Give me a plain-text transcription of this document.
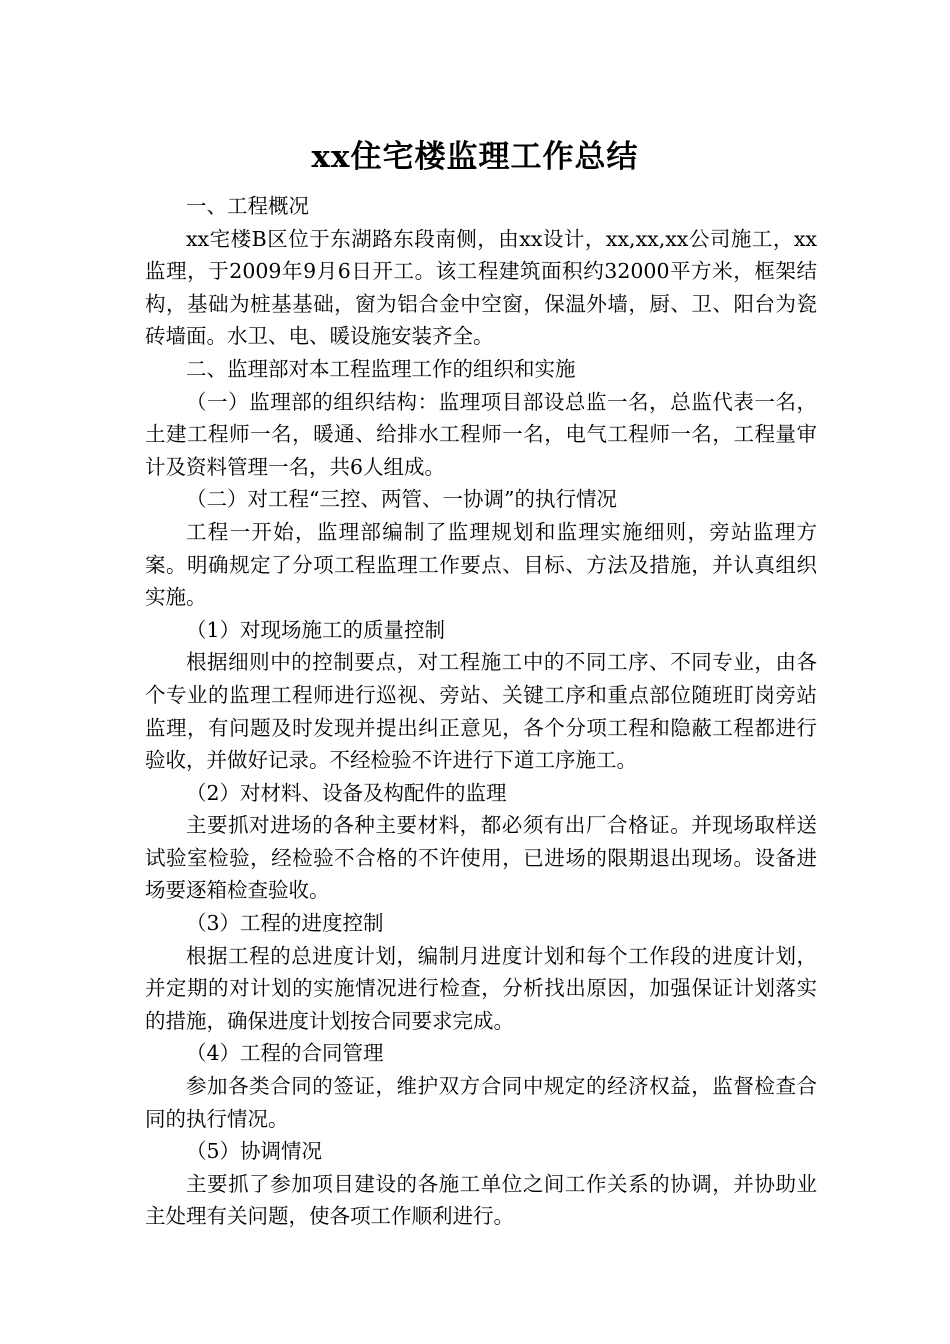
xx住宅楼监理工作总结

一、工程概况

xx宅楼B区位于东湖路东段南侧，由xx设计，xx,xx,xx公司施工，xx监理，于2009年9月6日开工。该工程建筑面积约32000平方米，框架结构，基础为桩基基础，窗为铝合金中空窗，保温外墙，厨、卫、阳台为瓷砖墙面。水卫、电、暖设施安装齐全。

二、监理部对本工程监理工作的组织和实施

（一）监理部的组织结构：监理项目部设总监一名，总监代表一名，土建工程师一名，暖通、给排水工程师一名，电气工程师一名，工程量审计及资料管理一名，共6人组成。

（二）对工程“三控、两管、一协调”的执行情况

工程一开始，监理部编制了监理规划和监理实施细则，旁站监理方案。明确规定了分项工程监理工作要点、目标、方法及措施，并认真组织实施。

（1）对现场施工的质量控制

根据细则中的控制要点，对工程施工中的不同工序、不同专业，由各个专业的监理工程师进行巡视、旁站、关键工序和重点部位随班盯岗旁站监理，有问题及时发现并提出纠正意见，各个分项工程和隐蔽工程都进行验收，并做好记录。不经检验不许进行下道工序施工。

（2）对材料、设备及构配件的监理

主要抓对进场的各种主要材料，都必须有出厂合格证。并现场取样送试验室检验，经检验不合格的不许使用，已进场的限期退出现场。设备进场要逐箱检查验收。

（3）工程的进度控制

根据工程的总进度计划，编制月进度计划和每个工作段的进度计划，并定期的对计划的实施情况进行检查，分析找出原因，加强保证计划落实的措施，确保进度计划按合同要求完成。

（4）工程的合同管理

参加各类合同的签证，维护双方合同中规定的经济权益，监督检查合同的执行情况。

（5）协调情况

主要抓了参加项目建设的各施工单位之间工作关系的协调，并协助业主处理有关问题，使各项工作顺利进行。
